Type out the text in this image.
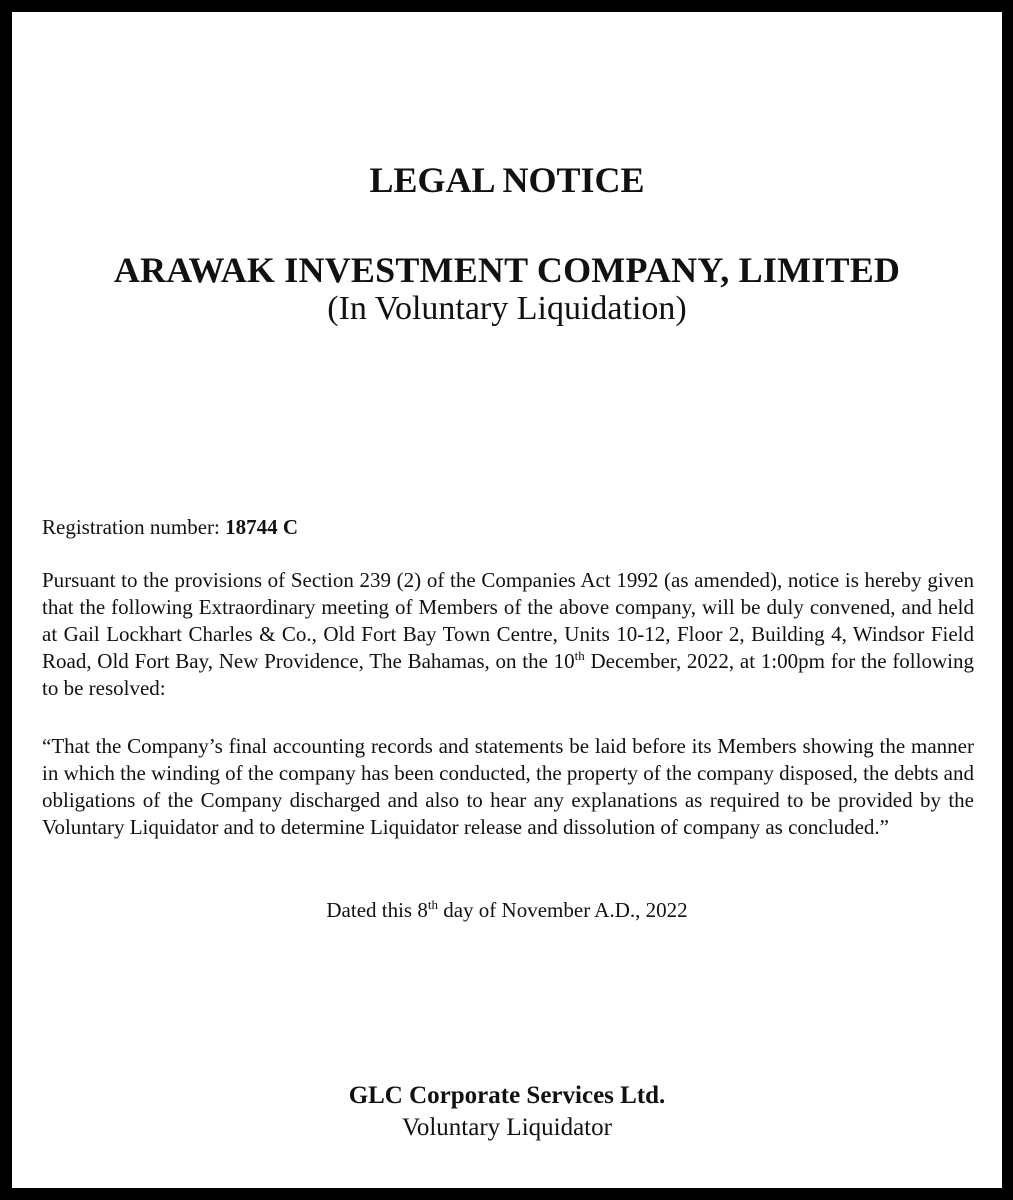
LEGAL NOTICE
ARAWAK INVESTMENT COMPANY, LIMITED
(In Voluntary Liquidation)

Registration number: 18744 C

Pursuant to the provisions of Section 239 (2) of the Companies Act 1992 (as amended), notice is hereby given that the following Extraordinary meeting of Members of the above company, will be duly convened, and held at Gail Lockhart Charles & Co., Old Fort Bay Town Centre, Units 10-12, Floor 2, Building 4, Windsor Field Road, Old Fort Bay, New Providence, The Bahamas, on the 10th December, 2022, at 1:00pm for the following to be resolved:

“That the Company’s final accounting records and statements be laid before its Members showing the manner in which the winding of the company has been conducted, the property of the company disposed, the debts and obligations of the Company discharged and also to hear any explanations as required to be provided by the Voluntary Liquidator and to determine Liquidator release and dissolution of company as concluded.”

Dated this 8th day of November A.D., 2022

GLC Corporate Services Ltd.
Voluntary Liquidator
